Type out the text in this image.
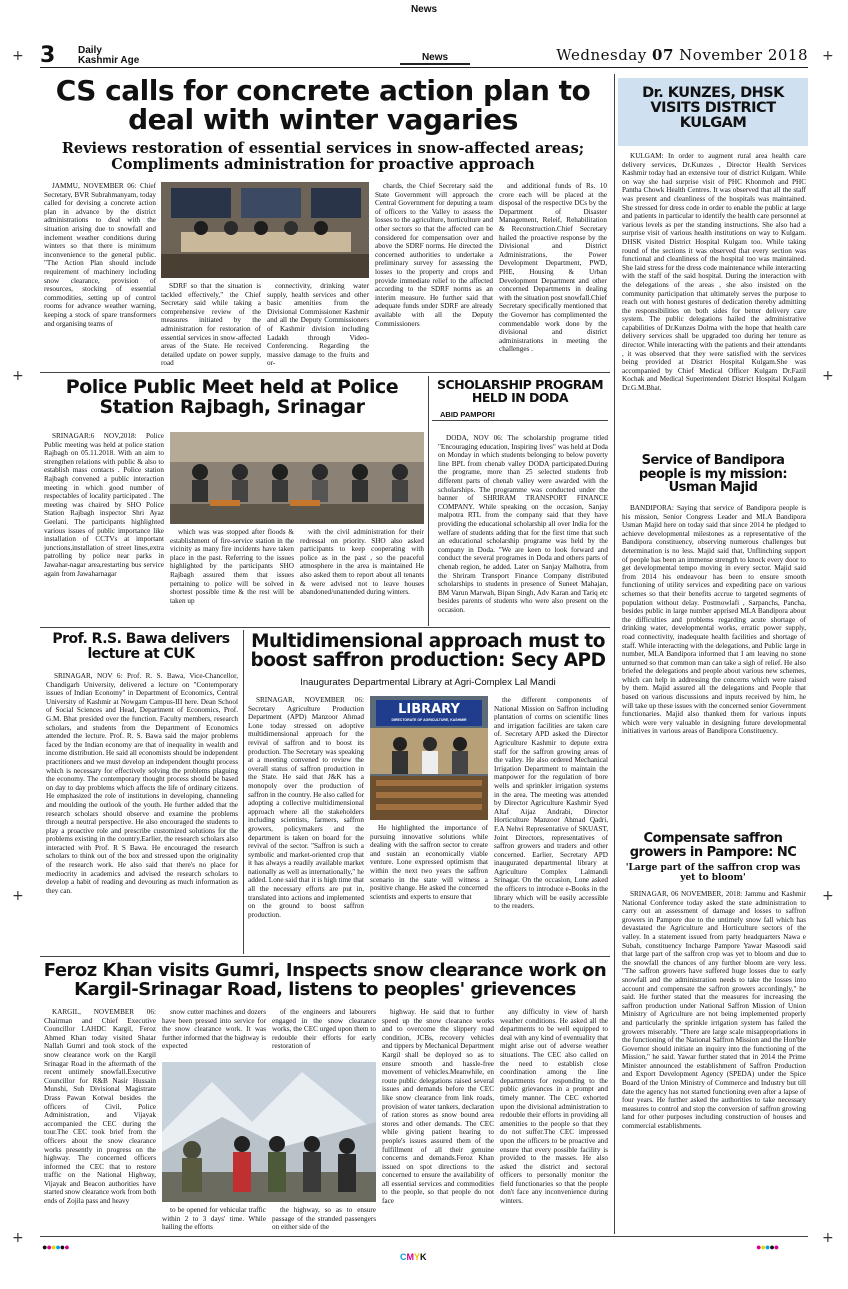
News
+	+
+	+
+	+
+	+
3 Daily
Kashmir Age	News	Wednesday 07 November 2018
CS calls for concrete action plan to deal with winter vagaries
Reviews restoration of essential services in snow-affected areas; Compliments administration for proactive approach

JAMMU, NOVEMBER 06: Chief Secretary, BVR Subrahmanyam, today called for devising a concrete action plan in advance by the district administrations to deal with the situation arising due to snowfall and inclement weather conditions during winters so that there is minimum inconvenience to the general public. "The Action Plan should include requirement of machinery including snow clearance, provision of resources, stocking of essential commodities, setting up of control rooms for advance weather warning, keeping a stock of spare transformers and organising teams of

SDRF so that the situation is tackled effectively," the Chief Secretary said while taking a comprehensive review of the measures initiated by the administration for restoration of essential services in snow-affected areas of the State. He received detailed update on power supply, road

connectivity, drinking water supply, health services and other basic amenities from the Divisional Commissioner Kashmir and all the Deputy Commissioners of Kashmir division including Ladakh through Video-Conferencing. Regarding the massive damage to the fruits and or-

chards, the Chief Secretary said the State Government will approach the Central Government for deputing a team of officers to the Valley to assess the losses to the agriculture, horticulture and other sectors so that the affected can be considered for compensation over and above the SDRF norms. He directed the concerned authorities to undertake a preliminary survey for assessing the losses to the property and crops and provide immediate relief to the affected according to the SDRF norms as an interim measure. He further said that adequate funds under SDRF are already available with all the Deputy Commissioners

and additional funds of Rs. 10 crore each will be placed at the disposal of the respective DCs by the Department of Disaster Management, Releif, Rehabilitation & Reconstruction.Chief Secretary hailed the proactive response by the Divisional and District Administrations, the Power Development Department, PWD, PHE, Housing & Urban Development Department and other concerned Departments in dealing with the situation post snowfall.Chief Secretary specifically mentioned that the Governor has complimented the commendable work done by the divisional and district administrations in meeting the challenges .

Police Public Meet held at Police Station Rajbagh, Srinagar

SRINAGAR:6 NOV,2018: Police Public meeting was held at police station Rajbagh on 05.11.2018. With an aim to strengthen relations with public & also to establish mass contacts . Police station Rajbagh convened a public interaction meeting in which good number of respectables of locality participated . The meeting was chaired by SHO Police Station Rajbagh inspector Shri Ayaz Geelani. The participants highlighted various issues of public importance like installation of CCTVs at important junctions,installation of street lines,extra patrolling by police near parks in Jawahar-nagar area,restarting bus service again from Jawaharnagar

which was was stopped after floods & establishment of fire-service station in the vicinity as many fire incidents have taken place in the past. Referring to the issues highlighted by the participants SHO Rajbagh assured them that issues pertaining to police will be solved in shortest possible time & the rest will be taken up

with the civil administration for their redressal on priority. SHO also asked participants to keep cooperating with police as in the past , so the peaceful atmosphere in the area is maintained He also asked them to report about all tenants & were advised not to leave houses abandoned/unattended during winters.

SCHOLARSHIP PROGRAM HELD IN DODA
ABID PAMPORI

DODA, NOV 06: The scholarship programe titled "Encouraging education, Inspiring lives" was held at Doda on Monday in which students belonging to below poverty line BPL from chenab valley DODA participated.During the programe, more than 25 selected students frob different parts of chenab valley were awarded with the scholarships. The programme was conducted under the banner of SHRIRAM TRANSPORT FINANCE COMPANY. While speaking on the occasion, Sanjay malpotra RTL from the company said that they have providing the educational scholarship all over India for the welfare of students adding that for the first time that such an educational scholarship programe was held by the company in Doda. "We are keen to look forward and conduct the several programes in Doda and others parts of chenab region, he added. Later on Sanjay Malhotra, from the Shriram Transport Finance Company distributed scholarships to students in presence of Suneet Mahajan, BM Varun Marwah, Bipan Singh, Adv Karan and Tariq etc besides parents of students who were also present on the occasion.

Prof. R.S. Bawa delivers lecture at CUK

SRINAGAR, NOV 6: Prof. R. S. Bawa, Vice-Chancellor, Chandigarh University, delivered a lecture on "Contemporary issues of Indian Economy" in Department of Economics, Central University of Kashmir at Nowgam Campus-III here. Dean School of Social Sciences and Head, Department of Economics, Prof. G.M. Bhat presided over the function. Faculty members, research scholars, and students from the Department of Economics attended the lecture. Prof. R. S. Bawa said the major problems faced by the Indian economy are that of inequality in wealth and income distribution. He said all economists should be independent practitioners and we must develop an independent thought process which is necessary for effectively solving the problems plaguing the economy. The contemporary thought process should be based on day to day problems which affects the life of ordinary citizens. He emphasized the role of institutions in developing, channeling and moulding the outlook of the youth. He further added that the research scholars should observe and examine the problems through a neutral perspective. He also encouraged the students to play a proactive role and prescribe customized solutions for the problems existing in the country.Earlier, the research scholars also interacted with Prof. R S Bawa. He encouraged the research scholars to think out of the box and stressed upon the originality of the research work. He also said that there's no place for mediocrity in academics and advised the research scholars to develop a habit of reading and devouring as much information as they can.

Multidimensional approach must to boost saffron production: Secy APD
Inaugurates Departmental Library at Agri-Complex Lal Mandi

SRINAGAR, NOVEMBER 06: Secretary Agriculture Production Department (APD) Manzoor Ahmad Lone today stressed on adoptive multidimensional approach for the revival of saffron and to boost its production. The Secretary was speaking at a meeting convened to review the overall status of saffron production in the State. He said that J&K has a monopoly over the production of saffron in the country. He also called for adopting a collective multidimensional approach where all the stakeholders including scientists, farmers, saffron growers, policymakers and the department is taken on board for the revival of the sector. "Saffron is such a symbolic and market-oriented crop that it has always a readily available market nationally as well as internationally," he added. Lone said that it is high time that all the necessary efforts are put in, translated into actions and implemented on the ground to boost saffron production.

LIBRARY
DIRECTORATE OF AGRICULTURE, KASHMIR

He highlighted the importance of pursuing innovative solutions while dealing with the saffron sector to create and sustain an economically viable venture. Lone expressed optimism that within the next two years the saffron scenario in the state will witness a positive change. He asked the concerned scientists and experts to ensure that

the different components of National Mission on Saffron including plantation of corms on scientific lines and irrigation facilities are taken care of. Secretary APD asked the Director Agriculture Kashmir to depute extra staff for the saffron growing areas of the valley. He also ordered Mechanical Irrigation Department to maintain the manpower for the regulation of bore wells and sprinkler irrigation systems in the area. The meeting was attended by Director Agriculture Kashmir Syed Altaf Aijaz Andrabi, Director Horticulture Manzoor Ahmad Qadri, F.A Nehvi Representative of SKUAST, Joint Directors, representatives of saffron growers and traders and other concerned. Earlier, Secretary APD inaugurated departmental library at Agriculture Complex Lalmandi Srinagar. On the occasion, Lone asked the officers to introduce e-Books in the library which will be easily accessible to the readers.

Feroz Khan visits Gumri, Inspects snow clearance work on Kargil-Srinagar Road, listens to peoples' grievences

KARGIL, NOVEMBER 06: Chairman and Chief Executive Councillor LAHDC Kargil, Feroz Ahmed Khan today visited Shatar Nallah Gumri and took stock of the snow clearance work on the Kargil Srinagar Road in the aftermath of the recent untimely snowfall.Executive Councillor for R&B Nasir Hussain Munshi, Sub Divisional Magistrate Drass Pawan Kotwal besides the officers of Civil, Police Administration, and Vijayak accompanied the CEC during the tour.The CEC took brief from the officers about the snow clearance works presently in progress on the highway. The concerned officers informed the CEC that to restore traffic on the National Highway, Vijayak and Beacon authorities have started snow clearance work from both ends of Zojila pass and heavy

snow cutter machines and dozers have been pressed into service for the snow clearance work. It was further informed that the highway is expected

of the engineers and labourers engaged in the snow clearance works, the CEC urged upon them to redouble their efforts for early restoration of

to be opened for vehicular traffic within 2 to 3 days' time. While hailing the efforts

the highway, so as to ensure passage of the stranded passengers on either side of the

highway. He said that to further speed up the snow clearance works and to overcome the slippery road condition, JCBs, recovery vehicles and tippers by Mechanical Department Kargil shall be deployed so as to ensure smooth and hassle-free movement of vehicles.Meanwhile, en route public delegations raised several issues and demands before the CEC like snow clearance from link roads, provision of water tankers, declaration of ration stores as snow bound area stores and other demands. The CEC while giving patient hearing to people's issues assured them of the fulfillment of all their genuine concerns and demands.Feroz Khan issued on spot directions to the concerned to ensure the availability of all essential services and commodities to the people, so that people do not face

any difficulty in view of harsh weather conditions. He asked all the departments to be well equipped to deal with any kind of eventuality that might arise out of adverse weather situations. The CEC also called on the need to establish close coordination among the line departments for responding to the public grievances in a prompt and timely manner. The CEC exhorted upon the divisional administration to redouble their efforts in providing all amenities to the people so that they do not suffer.The CEC impressed upon the officers to be proactive and ensure that every possible facility is provided to the masses. He also asked the district and sectoral officers to personally monitor the field functionaries so that the people don't face any inconvenience during winters.

Dr. KUNZES, DHSK VISITS DISTRICT KULGAM

KULGAM: In order to augment rural area health care delivery services, Dr.Kunzes , Director Health Services Kashmir today had an extensive tour of district Kulgam. While on way she had surprise visit of PHC Khonmoh and PHC Pantha Chowk Health Centres. It was observed that all the staff was present and cleanliness of the hospitals was maintained. She stressed for dress code in order to enable the public at large and patients in particular to identify the health care personnel at various levels as per the standing instructions. She also had a surprise visit of various health institutions on way to Kulgam. DHSK visited District Hospital Kulgam too. While taking round of the sections it was observed that every section was functional and cleanliness of the hospital too was maintained. She laid stress for the dress code maintenance while interacting with the staff of the said hospital. During the interaction with the delegations of the areas , she also insisted on the community participation that ultimately serves the purpose to reach out with honest gestures of dedication thereby admitting the responsibilities on both sides for better delivery care system. The public delegations hailed the administrative capabilities of Dr.Kunzes Dolma with the hope that health care delivery services shall be upgraded too during her tenure as director. While interacting with the patients and their attendants , it was observed that they were satisfied with the services being provided at District Hospital Kulgam.She was accompanied by Chief Medical Officer Kulgam Dr.Fazil Kochak and Medical Superintendent District Hospital Kulgam Dr.G.M.Bhat.

Service of Bandipora people is my mission: Usman Majid

BANDIPORA: Saying that service of Bandipora people is his mission, Senior Congress Leader and MLA Bandipora Usman Majid here on today said that since 2014 he pledged to achieve developmental milestones as a representative of the Bandipora constituency, observing numerous challenges but determination is no less. Majid said that, Unflinching support of people has been an immense strength to knock every door to get developmental tempo moving in every sector. Majid said from 2014 his endeavour has been to ensure smooth functioning of utility services and expediting pace on various schemes so that their benefits accrue to targeted segments of population without delay. Postmowlafi , Sarpanchs, Pancha, besides public in large number apprised MLA Bandipora about the difficulties and problems regarding acute shortage of drinking water, developmental works, erratic power supply, road connectivity, inadequate health facilities and shortage of staff. While interacting with the delegations, and Public large in number, MLA Bandipora informed that I am leaving no stone unturned so that common man can take a sigh of relief. He also briefed the delegations and people about various new schemes, which can help in addressing the concerns which were raised by them. Majid assured all the delegations and People that based on various discussions and inputs received by him, he will take up these issues with the concerned senior Government functionaries. Majid also thanked them for various inputs which were very valuable in designing future developmental initiatives in various areas of Bandipora Constituency.

Compensate saffron growers in Pampore: NC
'Large part of the saffron crop was yet to bloom'

SRINAGAR, 06 NOVEMBER, 2018: Jammu and Kashmir National Conference today asked the state administration to carry out an assessment of damage and losses to saffron growers in Pampore due to the untimely snow fall which has devastated the Agriculture and Horticulture sectors of the valley. In a statement issued from party headquarters Nawa e Subah, constituency Incharge Pampore Yawar Masoodi said that large part of the saffron crop was yet to bloom and due to the snowfall the chances of any further bloom are very less. "The saffron growers have suffered huge losses due to early snowfall and the administration needs to take the losses into account and compensate the saffron growers accordingly," he said. He further stated that the measures for increasing the saffron production under National Saffron Mission of Union Ministry of Agriculture are not being implemented properly and particularly the sprinkle irrigation system has failed the growers miserably. "There are large scale misappropriations in the functioning of the National Saffron Mission and the Hon'ble Governor should initiate an inquiry into the functioning of the Mission," he said. Yawar further stated that in 2014 the Prime Minister announced the establishment of Saffron Production and Export Development Agency (SPEDA) under the Spice Board of the Union Ministry of Commerce and Industry but till date the agency has not started functioning even after a lapse of four years. He further asked the authorities to take necessary measures to control and stop the conversion of saffron growing land for other purposes including construction of houses and commercial establishments.

●●●●●●	●●●●●
CMYK
